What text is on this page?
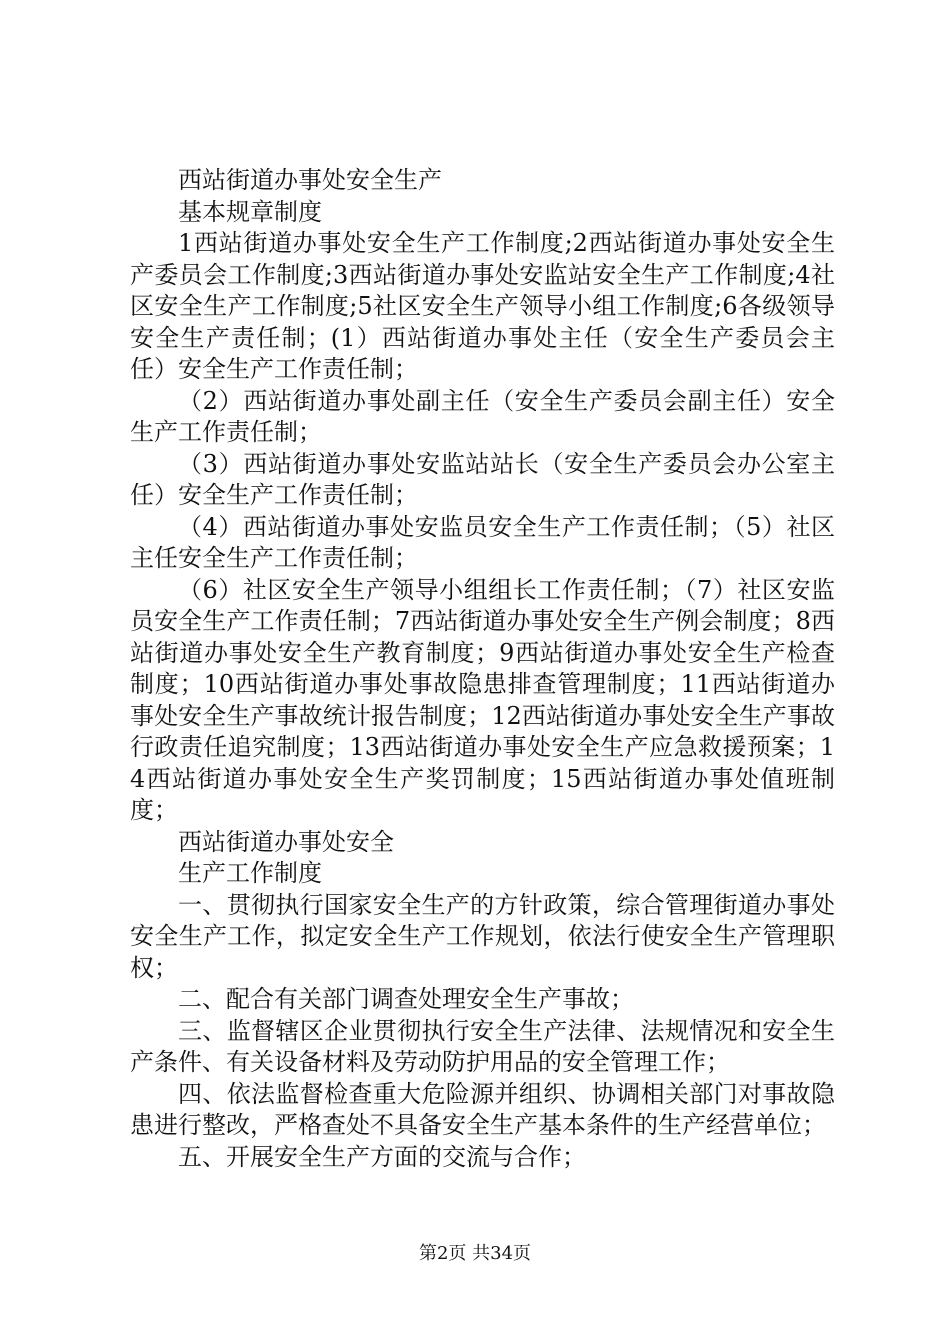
西站街道办事处安全生产

基本规章制度

1西站街道办事处安全生产工作制度;2西站街道办事处安全生产委员会工作制度;3西站街道办事处安监站安全生产工作制度;4社区安全生产工作制度;5社区安全生产领导小组工作制度;6各级领导安全生产责任制；(1）西站街道办事处主任（安全生产委员会主任）安全生产工作责任制；

（2）西站街道办事处副主任（安全生产委员会副主任）安全生产工作责任制；

（3）西站街道办事处安监站站长（安全生产委员会办公室主任）安全生产工作责任制；

（4）西站街道办事处安监员安全生产工作责任制；（5）社区主任安全生产工作责任制；

（6）社区安全生产领导小组组长工作责任制；（7）社区安监员安全生产工作责任制；7西站街道办事处安全生产例会制度；8西站街道办事处安全生产教育制度；9西站街道办事处安全生产检查制度；10西站街道办事处事故隐患排查管理制度；11西站街道办事处安全生产事故统计报告制度；12西站街道办事处安全生产事故行政责任追究制度；13西站街道办事处安全生产应急救援预案；14西站街道办事处安全生产奖罚制度；15西站街道办事处值班制度；

西站街道办事处安全

生产工作制度

一、贯彻执行国家安全生产的方针政策，综合管理街道办事处安全生产工作，拟定安全生产工作规划，依法行使安全生产管理职权；

二、配合有关部门调查处理安全生产事故；

三、监督辖区企业贯彻执行安全生产法律、法规情况和安全生产条件、有关设备材料及劳动防护用品的安全管理工作；

四、依法监督检查重大危险源并组织、协调相关部门对事故隐患进行整改，严格查处不具备安全生产基本条件的生产经营单位；

五、开展安全生产方面的交流与合作；

第2页 共34页
